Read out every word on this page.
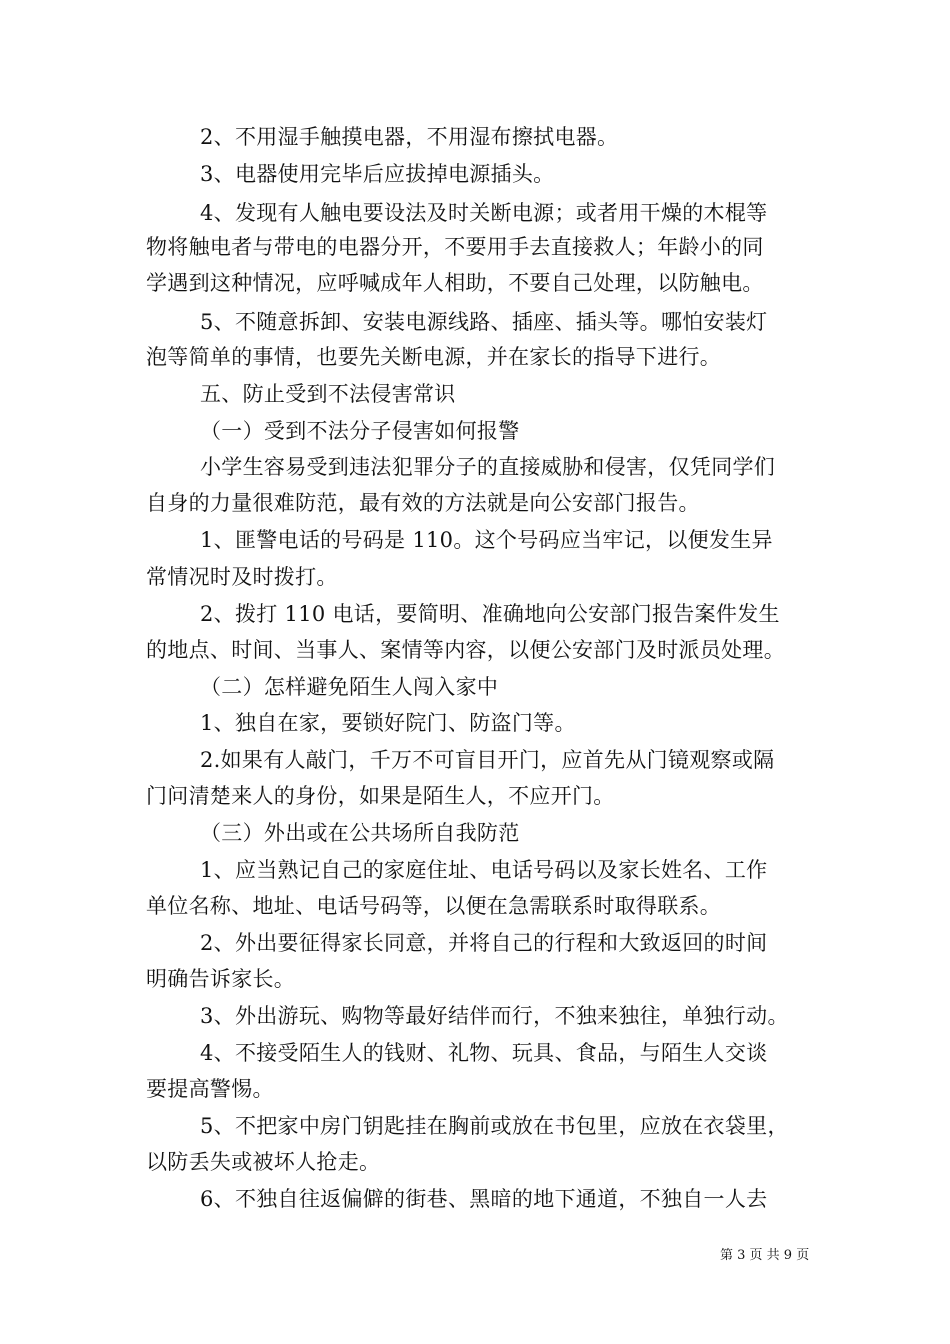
2、不用湿手触摸电器，不用湿布擦拭电器。
3、电器使用完毕后应拔掉电源插头。
4、发现有人触电要设法及时关断电源；或者用干燥的木棍等
物将触电者与带电的电器分开，不要用手去直接救人；年龄小的同
学遇到这种情况，应呼喊成年人相助，不要自己处理，以防触电。
5、不随意拆卸、安装电源线路、插座、插头等。哪怕安装灯
泡等简单的事情，也要先关断电源，并在家长的指导下进行。
五、防止受到不法侵害常识
（一）受到不法分子侵害如何报警
小学生容易受到违法犯罪分子的直接威胁和侵害，仅凭同学们
自身的力量很难防范，最有效的方法就是向公安部门报告。
1、匪警电话的号码是 110。这个号码应当牢记，以便发生异
常情况时及时拨打。
2、拨打 110 电话，要简明、准确地向公安部门报告案件发生
的地点、时间、当事人、案情等内容，以便公安部门及时派员处理。
（二）怎样避免陌生人闯入家中
1、独自在家，要锁好院门、防盗门等。
2.如果有人敲门，千万不可盲目开门，应首先从门镜观察或隔
门问清楚来人的身份，如果是陌生人，不应开门。
（三）外出或在公共场所自我防范
1、应当熟记自己的家庭住址、电话号码以及家长姓名、工作
单位名称、地址、电话号码等，以便在急需联系时取得联系。
2、外出要征得家长同意，并将自己的行程和大致返回的时间
明确告诉家长。
3、外出游玩、购物等最好结伴而行，不独来独往，单独行动。
4、不接受陌生人的钱财、礼物、玩具、食品，与陌生人交谈
要提高警惕。
5、不把家中房门钥匙挂在胸前或放在书包里，应放在衣袋里，
以防丢失或被坏人抢走。
6、不独自往返偏僻的街巷、黑暗的地下通道，不独自一人去
第 3 页 共 9 页
